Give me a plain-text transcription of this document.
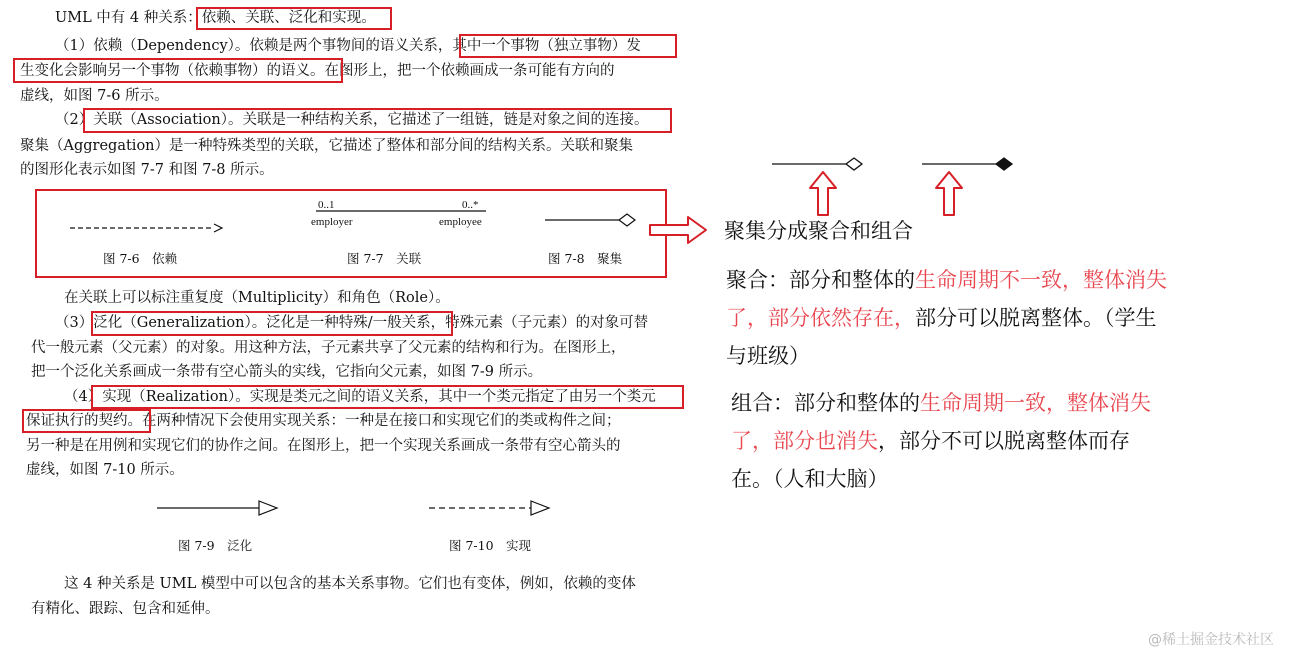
UML 中有 4 种关系：依赖、关联、泛化和实现。
（1）依赖（Dependency）。依赖是两个事物间的语义关系，其中一个事物（独立事物）发
生变化会影响另一个事物（依赖事物）的语义。在图形上，把一个依赖画成一条可能有方向的
虚线，如图 7-6 所示。
（2）关联（Association）。关联是一种结构关系，它描述了一组链，链是对象之间的连接。
聚集（Aggregation）是一种特殊类型的关联，它描述了整体和部分间的结构关系。关联和聚集
的图形化表示如图 7-7 和图 7-8 所示。
0..1	0..*
employer	employee
图 7-6　依赖	图 7-7　关联	图 7-8　聚集
在关联上可以标注重复度（Multiplicity）和角色（Role）。
（3）泛化（Generalization）。泛化是一种特殊/一般关系，特殊元素（子元素）的对象可替
代一般元素（父元素）的对象。用这种方法，子元素共享了父元素的结构和行为。在图形上，
把一个泛化关系画成一条带有空心箭头的实线，它指向父元素，如图 7-9 所示。
（4）实现（Realization）。实现是类元之间的语义关系，其中一个类元指定了由另一个类元
保证执行的契约。在两种情况下会使用实现关系：一种是在接口和实现它们的类或构件之间；
另一种是在用例和实现它们的协作之间。在图形上，把一个实现关系画成一条带有空心箭头的
虚线，如图 7-10 所示。
图 7-9　泛化	图 7-10　实现
这 4 种关系是 UML 模型中可以包含的基本关系事物。它们也有变体，例如，依赖的变体
有精化、跟踪、包含和延伸。
聚集分成聚合和组合
聚合：部分和整体的生命周期不一致，整体消失
了，部分依然存在，部分可以脱离整体。（学生
与班级）
组合：部分和整体的生命周期一致，整体消失
了，部分也消失，部分不可以脱离整体而存
在。（人和大脑）
@稀土掘金技术社区
